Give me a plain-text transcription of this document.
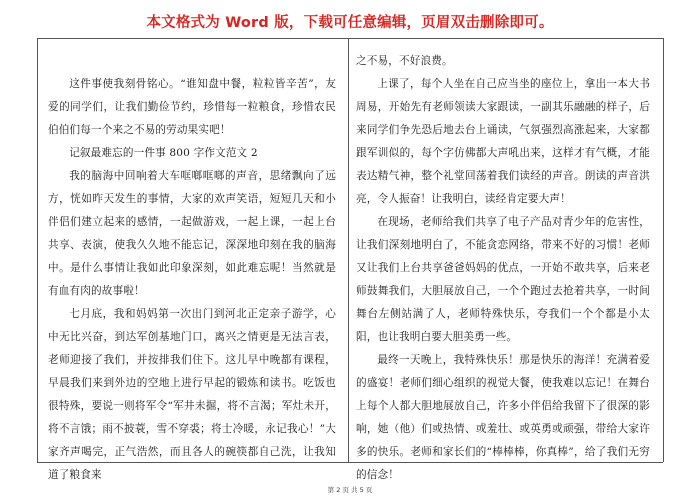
本文格式为 Word 版，下载可任意编辑，页眉双击删除即可。

这件事使我刻骨铭心。“谁知盘中餐，粒粒皆辛苦”，友爱的同学们，让我们勤俭节约，珍惜每一粒粮食，珍惜农民伯伯们每一个来之不易的劳动果实吧！

记叙最难忘的一件事 800 字作文范文 2

我的脑海中回响着大车哐啷哐啷的声音，思绪飘向了远方，恍如昨天发生的事情，大家的欢声笑语，短短几天和小伴侣们建立起来的感情，一起做游戏，一起上课，一起上台共享、表演，使我久久地不能忘记，深深地印刻在我的脑海中。是什么事情让我如此印象深刻，如此难忘呢！当然就是有血有肉的故事啦！

七月底，我和妈妈第一次出门到河北正定亲子游学，心中无比兴奋，到达军创基地门口，离兴之情更是无法言表，老师迎接了我们，并按排我们住下。这儿早中晚都有课程，早晨我们来到外边的空地上进行早起的锻炼和读书。吃饭也很特殊，要说一则将军令“军井未掘，将不言渴；军灶未开，将不言饿；雨不披蓑，雪不穿裘；将士冷暖，永记我心！”大家齐声喝完，正气浩然，而且各人的碗筷都自己洗，让我知道了粮食来

之不易，不好浪费。

上课了，每个人坐在自己应当坐的座位上，拿出一本大书周易，开始先有老师领读大家跟读，一副其乐融融的样子，后来同学们争先恐后地去台上诵读，气氛强烈高涨起来，大家都跟军训似的，每个字仿佛都大声吼出来，这样才有气概，才能表达精气神，整个礼堂回荡着我们读经的声音。朗读的声音洪亮，令人振奋！让我明白，读经肯定要大声！

在现场，老师给我们共享了电子产品对青少年的危害性，让我们深刻地明白了，不能贪恋网络，带来不好的习惯！老师又让我们上台共享爸爸妈妈的优点，一开始不敢共享，后来老师鼓舞我们，大胆展放自己，一个个跑过去抢着共享，一时间舞台左侧站满了人，老师特殊快乐，夸我们一个个都是小太阳，也让我明白要大胆美勇一些。

最终一天晚上，我特殊快乐！那是快乐的海洋！充满着爱的盛宴！老师们细心组织的视觉大餐，使我难以忘记！在舞台上每个人都大胆地展放自己，许多小伴侣给我留下了很深的影响，她（他）们或热情、或羞壮、或英勇或顽强，带给大家许多的快乐。老师和家长们的“棒棒棒，你真棒”，给了我们无穷的信念！

第 2 页 共 5 页
